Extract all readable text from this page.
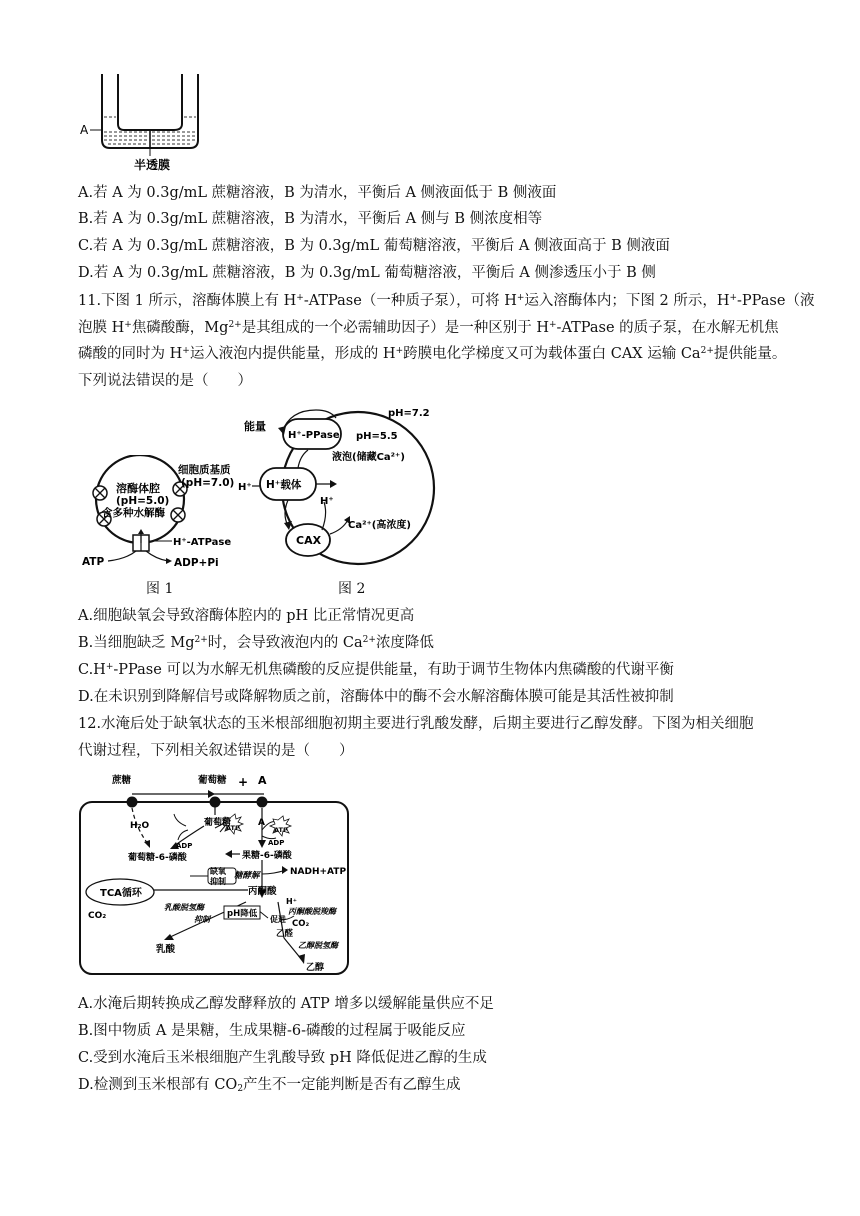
A
半透膜
A.若 A 为 0.3g/mL 蔗糖溶液，B 为清水，平衡后 A 侧液面低于 B 侧液面
B.若 A 为 0.3g/mL 蔗糖溶液，B 为清水，平衡后 A 侧与 B 侧浓度相等
C.若 A 为 0.3g/mL 蔗糖溶液，B 为 0.3g/mL 葡萄糖溶液，平衡后 A 侧液面高于 B 侧液面
D.若 A 为 0.3g/mL 蔗糖溶液，B 为 0.3g/mL 葡萄糖溶液，平衡后 A 侧渗透压小于 B 侧
11.下图 1 所示，溶酶体膜上有 H+-ATPase（一种质子泵），可将 H+运入溶酶体内；下图 2 所示，H+-PPase（液
泡膜 H+焦磷酸酶，$Mg^{2+}$是其组成的一个必需辅助因子）是一种区别于 H+-ATPase 的质子泵，在水解无机焦
磷酸的同时为 H+运入液泡内提供能量，形成的 H+跨膜电化学梯度又可为载体蛋白 CAX 运输 $Ca^{2+}$提供能量。
下列说法错误的是（　　）
细胞质基质
(pH=7.0)
溶酶体腔
(pH=5.0)
含多种水解酶
H⁺-ATPase
ATP	ADP+Pi
图 1
能量
H⁺-PPase
pH=7.2
pH=5.5
液泡(储藏Ca²⁺)
H⁺ H⁺载体
H⁺
CAX
Ca²⁺(高浓度)
图 2
A.细胞缺氧会导致溶酶体腔内的 pH 比正常情况更高
B.当细胞缺乏 $Mg^{2+}$时，会导致液泡内的 $Ca^{2+}$浓度降低
C.H+-PPase 可以为水解无机焦磷酸的反应提供能量，有助于调节生物体内焦磷酸的代谢平衡
D.在未识别到降解信号或降解物质之前，溶酶体中的酶不会水解溶酶体膜可能是其活性被抑制
12.水淹后处于缺氧状态的玉米根部细胞初期主要进行乳酸发酵，后期主要进行乙醇发酵。下图为相关细胞
代谢过程，下列相关叙述错误的是（　　）
蔗糖	葡萄糖 + A
H₂O	葡萄糖
ATP
ADP
A
ATP
ADP
葡萄糖-6-磷酸	果糖-6-磷酸
糖酵解	NADH+ATP
缺氧
抑制
TCA循环
CO₂
丙酮酸
乳酸脱氢酶
抑制
pH降低
促进
H⁺
丙酮酸脱羧酶
CO₂
乙醛
乙醇脱氢酶
乳酸
乙醇
A.水淹后期转换成乙醇发酵释放的 ATP 增多以缓解能量供应不足
B.图中物质 A 是果糖，生成果糖-6-磷酸的过程属于吸能反应
C.受到水淹后玉米根细胞产生乳酸导致 pH 降低促进乙醇的生成
D.检测到玉米根部有 $CO_2$产生不一定能判断是否有乙醇生成
